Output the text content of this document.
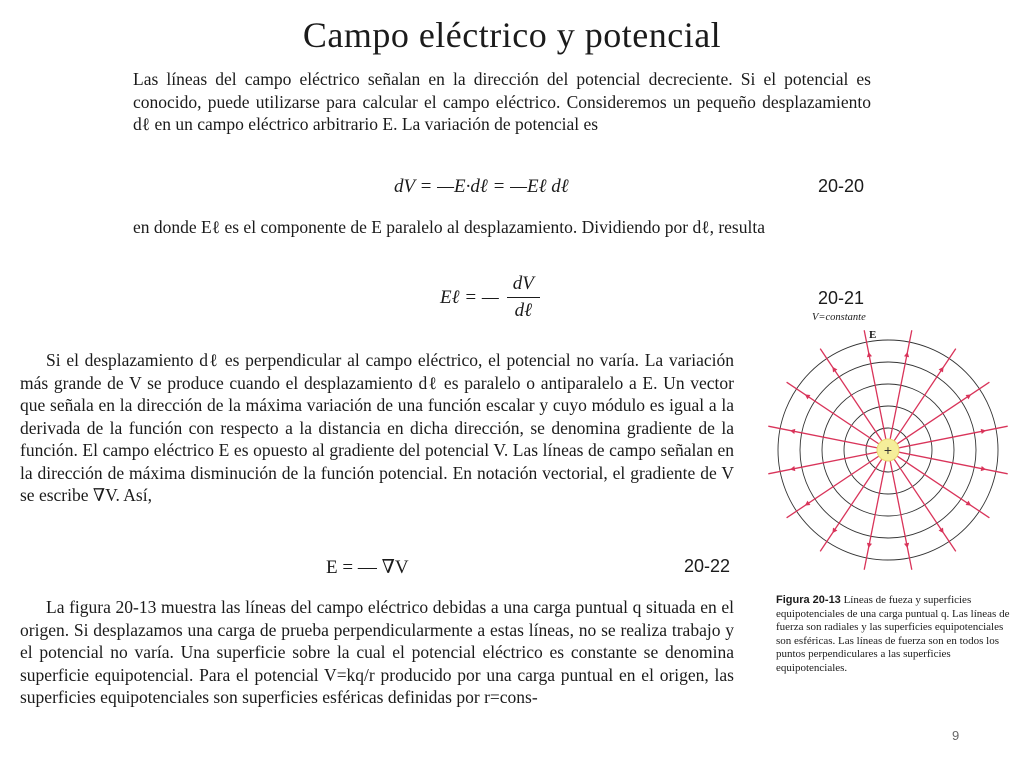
Campo eléctrico y potencial

Las líneas del campo eléctrico señalan en la dirección del potencial decreciente. Si el potencial es conocido, puede utilizarse para calcular el campo eléctrico. Consideremos un pequeño desplazamiento dℓ en un campo eléctrico arbitrario E. La variación de potencial es

dV = —E·dℓ = —Eℓ dℓ	20-20

en donde Eℓ es el componente de E paralelo al desplazamiento. Dividiendo por dℓ, resulta

Eℓ = — $\frac{dV}{\text{dℓ}}$	20-21

Si el desplazamiento dℓ es perpendicular al campo eléctrico, el potencial no varía. La variación más grande de V se produce cuando el desplazamiento dℓ es paralelo o antiparalelo a E. Un vector que señala en la dirección de la máxima variación de una función escalar y cuyo módulo es igual a la derivada de la función con respecto a la distancia en dicha dirección, se denomina gradiente de la función. El campo eléctrico E es opuesto al gradiente del potencial V. Las líneas de campo señalan en la dirección de máxima disminución de la función potencial. En notación vectorial, el gradiente de V se escribe ∇V. Así,

E = — ∇V	20-22

La figura 20-13 muestra las líneas del campo eléctrico debidas a una carga puntual q situada en el origen. Si desplazamos una carga de prueba perpendicularmente a estas líneas, no se realiza trabajo y el potencial no varía. Una superficie sobre la cual el potencial eléctrico es constante se denomina superficie equipotencial. Para el potencial V=kq/r producido por una carga puntual en el origen, las superficies equipotenciales son superficies esféricas definidas por r=cons-

V=constante
E
+
Figura 20-13 Líneas de fueza y superficies equipotenciales de una carga puntual q. Las líneas de fuerza son radiales y las superficies equipotenciales son esféricas. Las líneas de fuerza son en todos los puntos perpendiculares a las superficies equipotenciales.
9
